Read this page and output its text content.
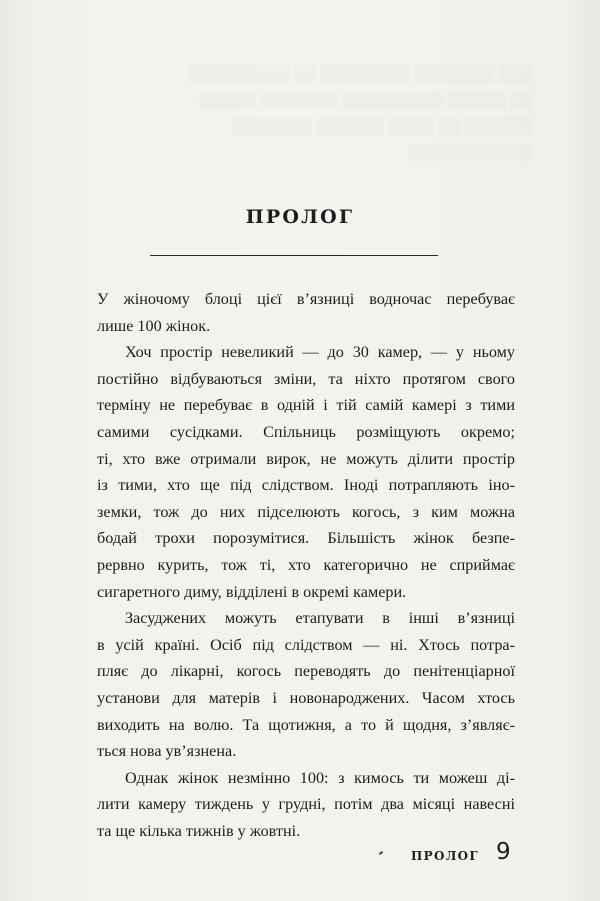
▒▒▒ ▒▒▒▒▒▒▒ ▒▒▒▒▒▒▒▒ ▒▒ ▒▒▒▒▒▒▒▒▒
▒▒ ▒▒▒▒▒ ▒▒▒▒▒▒▒▒▒ ▒▒▒▒▒▒▒ ▒▒▒▒▒
▒▒▒▒▒▒ ▒▒ ▒▒▒▒ ▒▒▒▒▒▒ ▒▒▒▒▒▒▒
▒▒▒▒▒▒▒▒▒▒▒
ПРОЛОГ
У жіночому блоці цієї в’язниці водночас перебуває
лише 100 жінок.
Хоч простір невеликий — до 30 камер, — у ньому
постійно відбуваються зміни, та ніхто протягом свого
терміну не перебуває в одній і тій самій камері з тими
самими сусідками. Спільниць розміщують окремо;
ті, хто вже отримали вирок, не можуть ділити простір
із тими, хто ще під слідством. Іноді потрапляють іно-
земки, тож до них підселюють когось, з ким можна
бодай трохи порозумітися. Більшість жінок безпе-
рервно курить, тож ті, хто категорично не сприймає
сигаретного диму, відділені в окремі камери.
Засуджених можуть етапувати в інші в’язниці
в усій країні. Осіб під слідством — ні. Хтось потра-
пляє до лікарні, когось переводять до пенітенціарної
установи для матерів і новонароджених. Часом хтось
виходить на волю. Та щотижня, а то й щодня, з’являє-
ться нова ув’язнена.
Однак жінок незмінно 100: з кимось ти можеш ді-
лити камеру тиждень у грудні, потім два місяці навесні
та ще кілька тижнів у жовтні.
ПРОЛОГ 9
